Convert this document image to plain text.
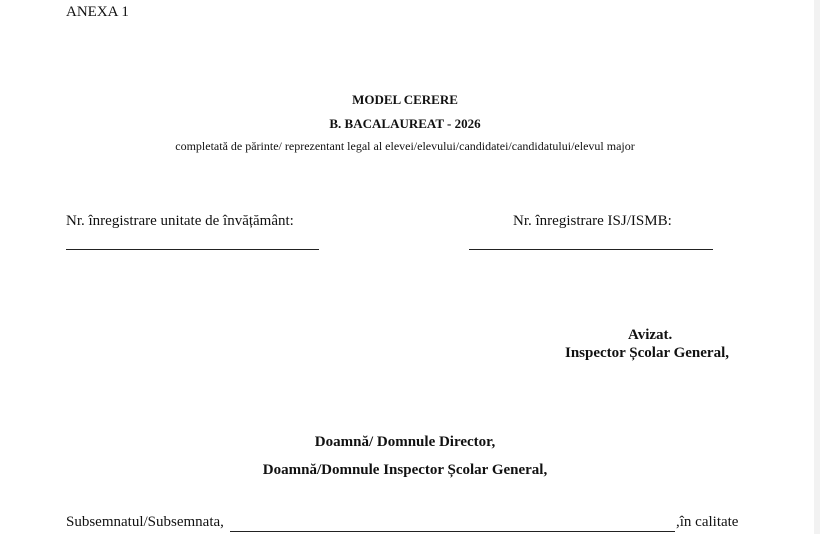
ANEXA 1
MODEL CERERE
B. BACALAUREAT - 2026
completată de părinte/ reprezentant legal al elevei/elevului/candidatei/candidatului/elevul major
Nr. înregistrare unitate de învățământ:	Nr. înregistrare ISJ/ISMB:
Avizat.
Inspector Școlar General,
Doamnă/ Domnule Director,
Doamnă/Domnule Inspector Școlar General,
Subsemnatul/Subsemnata,	,în calitate
